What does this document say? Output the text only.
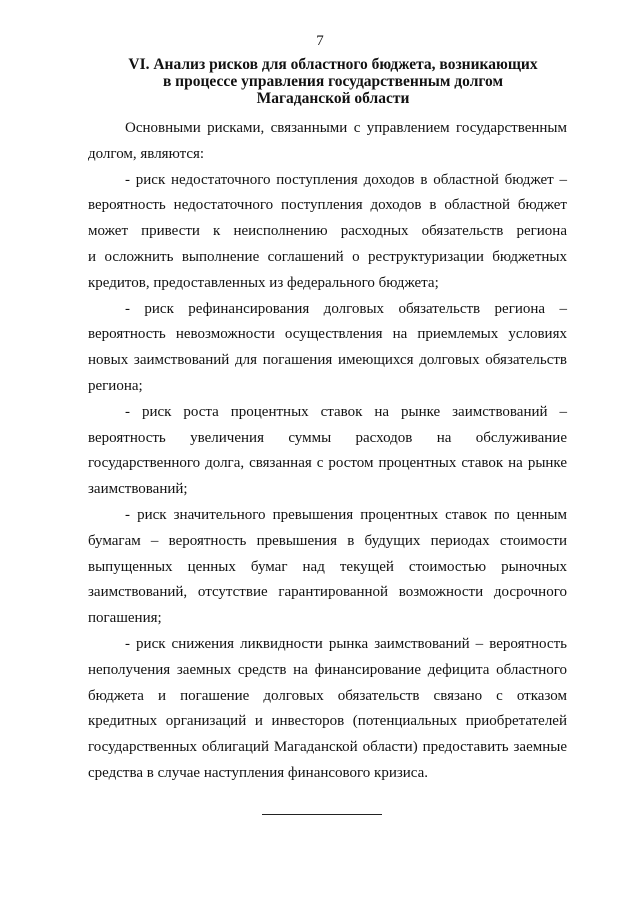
7
VI. Анализ рисков для областного бюджета, возникающих
в процессе управления государственным долгом
Магаданской области

Основными рисками, связанными с управлением государственным
долгом, являются:

- риск недостаточного поступления доходов в областной бюджет –
вероятность недостаточного поступления доходов в областной бюджет
может привести к неисполнению расходных обязательств региона
и осложнить выполнение соглашений о реструктуризации бюджетных
кредитов, предоставленных из федерального бюджета;

- риск рефинансирования долговых обязательств региона –
вероятность невозможности осуществления на приемлемых условиях
новых заимствований для погашения имеющихся долговых обязательств
региона;

- риск роста процентных ставок на рынке заимствований –
вероятность увеличения суммы расходов на обслуживание
государственного долга, связанная с ростом процентных ставок на рынке
заимствований;

- риск значительного превышения процентных ставок по ценным
бумагам – вероятность превышения в будущих периодах стоимости
выпущенных ценных бумаг над текущей стоимостью рыночных
заимствований, отсутствие гарантированной возможности досрочного
погашения;

- риск снижения ликвидности рынка заимствований – вероятность
неполучения заемных средств на финансирование дефицита областного
бюджета и погашение долговых обязательств связано с отказом
кредитных организаций и инвесторов (потенциальных приобретателей
государственных облигаций Магаданской области) предоставить заемные
средства в случае наступления финансового кризиса.
